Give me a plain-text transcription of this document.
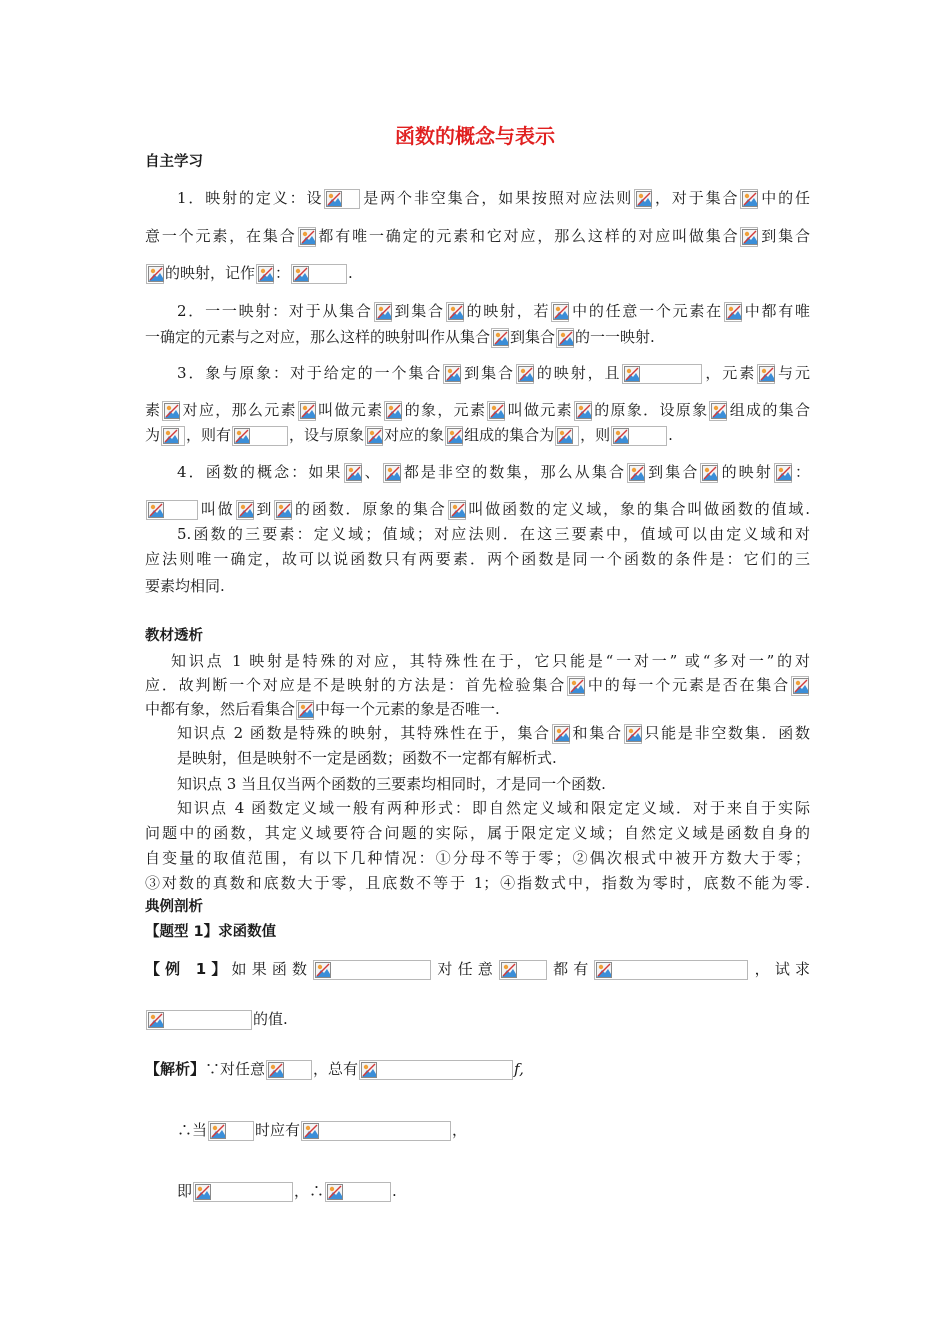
函数的概念与表示
自主学习
1．映射的定义：设	是两个非空集合，如果按照对应法则 ，对于集合 中的任
意一个元素，在集合 都有唯一确定的元素和它对应，那么这样的对应叫做集合 到集合
的映射，记作 ：	.
2．一一映射：对于从集合 到集合 的映射，若 中的任意一个元素在 中都有唯
一确定的元素与之对应，那么这样的映射叫作从集合 到集合 的一一映射.
3．象与原象：对于给定的一个集合 到集合 的映射，且	，元素 与元
素 对应，那么元素 叫做元素 的象，元素 叫做元素 的原象．设原象 组成的集合
为 ，则有	，设与原象 对应的象 组成的集合为 ，则	.
4．函数的概念：如果 、 都是非空的数集，那么从集合 到集合 的映射 ：
叫做 到 的函数．原象的集合 叫做函数的定义域，象的集合叫做函数的值域.
5.函数的三要素：定义域；值域；对应法则．在这三要素中，值域可以由定义域和对
应法则唯一确定，故可以说函数只有两要素．两个函数是同一个函数的条件是：它们的三
要素均相同.
教材透析
知识点 1 映射是特殊的对应，其特殊性在于，它只能是“一对一” 或“多对一”的对
应．故判断一个对应是不是映射的方法是：首先检验集合 中的每一个元素是否在集合
中都有象，然后看集合 中每一个元素的象是否唯一.
知识点 2 函数是特殊的映射，其特殊性在于，集合 和集合 只能是非空数集．函数
是映射，但是映射不一定是函数；函数不一定都有解析式.
知识点 3 当且仅当两个函数的三要素均相同时，才是同一个函数.
知识点 4 函数定义域一般有两种形式：即自然定义域和限定定义域．对于来自于实际
问题中的函数，其定义域要符合问题的实际，属于限定定义域；自然定义域是函数自身的
自变量的取值范围，有以下几种情况：①分母不等于零；②偶次根式中被开方数大于零；
③对数的真数和底数大于零，且底数不等于 1；④指数式中，指数为零时，底数不能为零.
典例剖析
【题型 1】求函数值
【例 1】如果函数	对任意	都有	，试求
的值.
【解析】∵对任意	，总有	f,
∴当	时应有	，
即	，∴	.
